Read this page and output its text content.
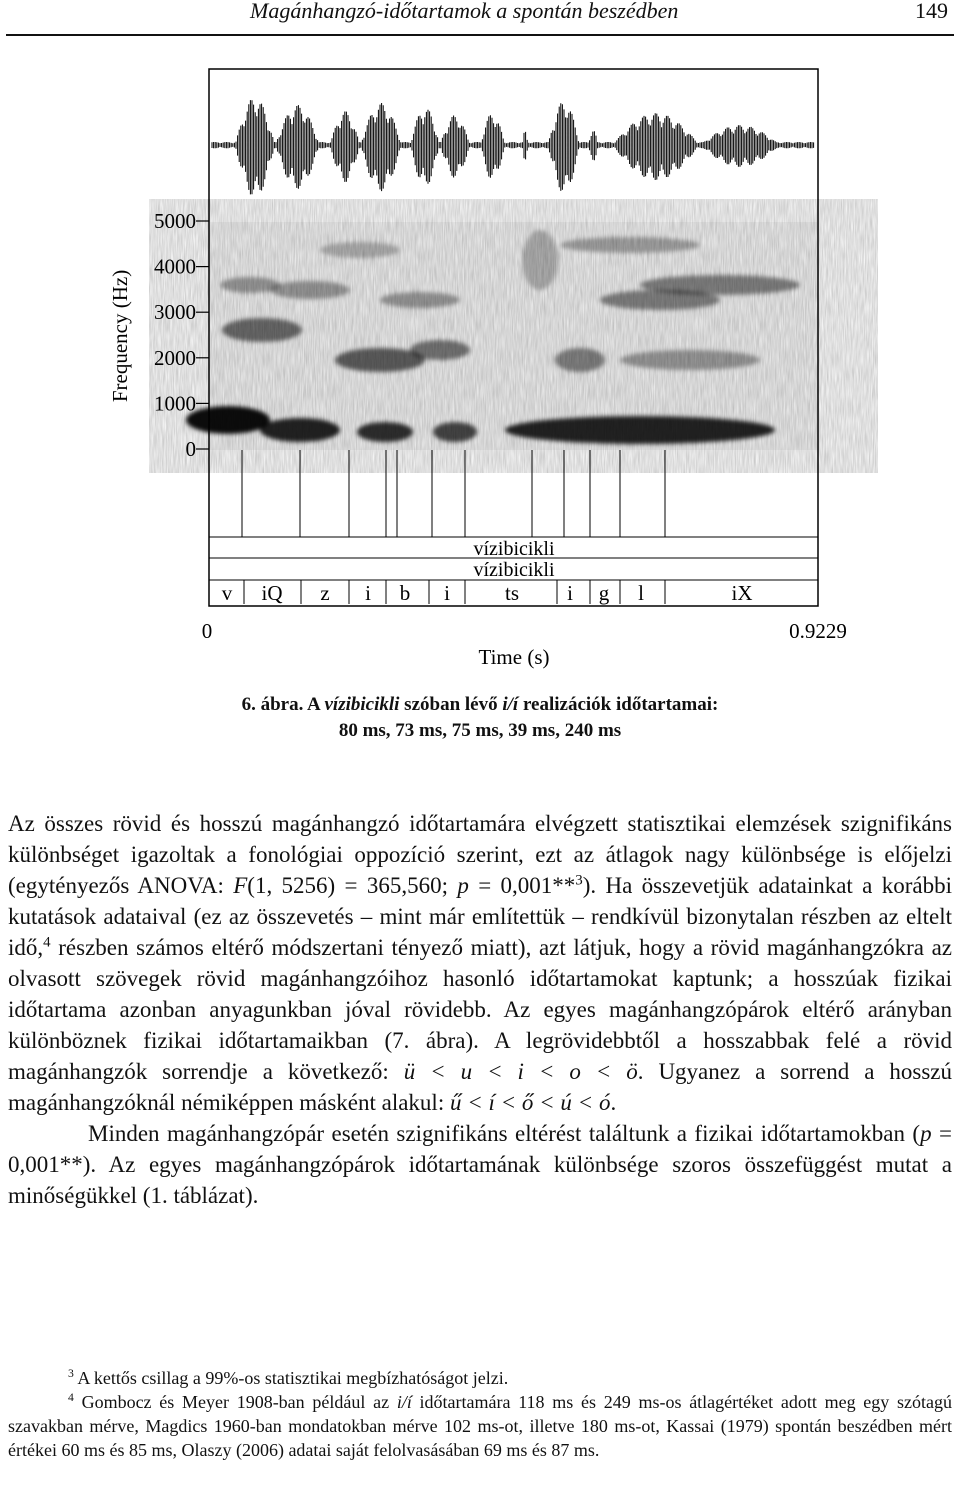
Magánhangzó-időtartamok a spontán beszédben	149
Frequency (Hz)
5000
4000
3000
2000
1000
0
vízibicikli
vízibicikli
v iQ z i b i	ts i g l	iX
0	0.9229
Time (s)
6. ábra. A vízibicikli szóban lévő i/í realizációk időtartamai:
80 ms, 73 ms, 75 ms, 39 ms, 240 ms

Az összes rövid és hosszú magánhangzó időtartamára elvégzett statisztikai elemzések szignifikáns különbséget igazoltak a fonológiai oppozíció szerint, ezt az átlagok nagy különbsége is előjelzi (egytényezős ANOVA: F(1, 5256) = 365,560; p = 0,001**$^3$). Ha összevetjük adatainkat a korábbi kutatások adataival (ez az összevetés – mint már említettük – rendkívül bizonytalan részben az eltelt idő,$^4$ részben számos eltérő módszertani tényező miatt), azt látjuk, hogy a rövid magánhangzókra az olvasott szövegek rövid magánhangzóihoz hasonló időtartamokat kaptunk; a hosszúak fizikai időtartama azonban anyagunkban jóval rövidebb. Az egyes magánhangzópárok eltérő arányban különböznek fizikai időtartamaikban (7. ábra). A legrövidebbtől a hosszabbak felé a rövid magánhangzók sorrendje a következő: ü < u < i < o < ö. Ugyanez a sorrend a hosszú magánhangzóknál némiképpen másként alakul: ű < í < ő < ú < ó.

Minden magánhangzópár esetén szignifikáns eltérést találtunk a fizikai időtartamokban (p = 0,001**). Az egyes magánhangzópárok időtartamának különbsége szoros összefüggést mutat a minőségükkel (1. táblázat).

$^3$ A kettős csillag a 99%-os statisztikai megbízhatóságot jelzi.

$^4$ Gombocz és Meyer 1908-ban például az i/í időtartamára 118 ms és 249 ms-os átlagértéket adott meg egy szótagú szavakban mérve, Magdics 1960-ban mondatokban mérve 102 ms-ot, illetve 180 ms-ot, Kassai (1979) spontán beszédben mért értékei 60 ms és 85 ms, Olaszy (2006) adatai saját felolvasásában 69 ms és 87 ms.
